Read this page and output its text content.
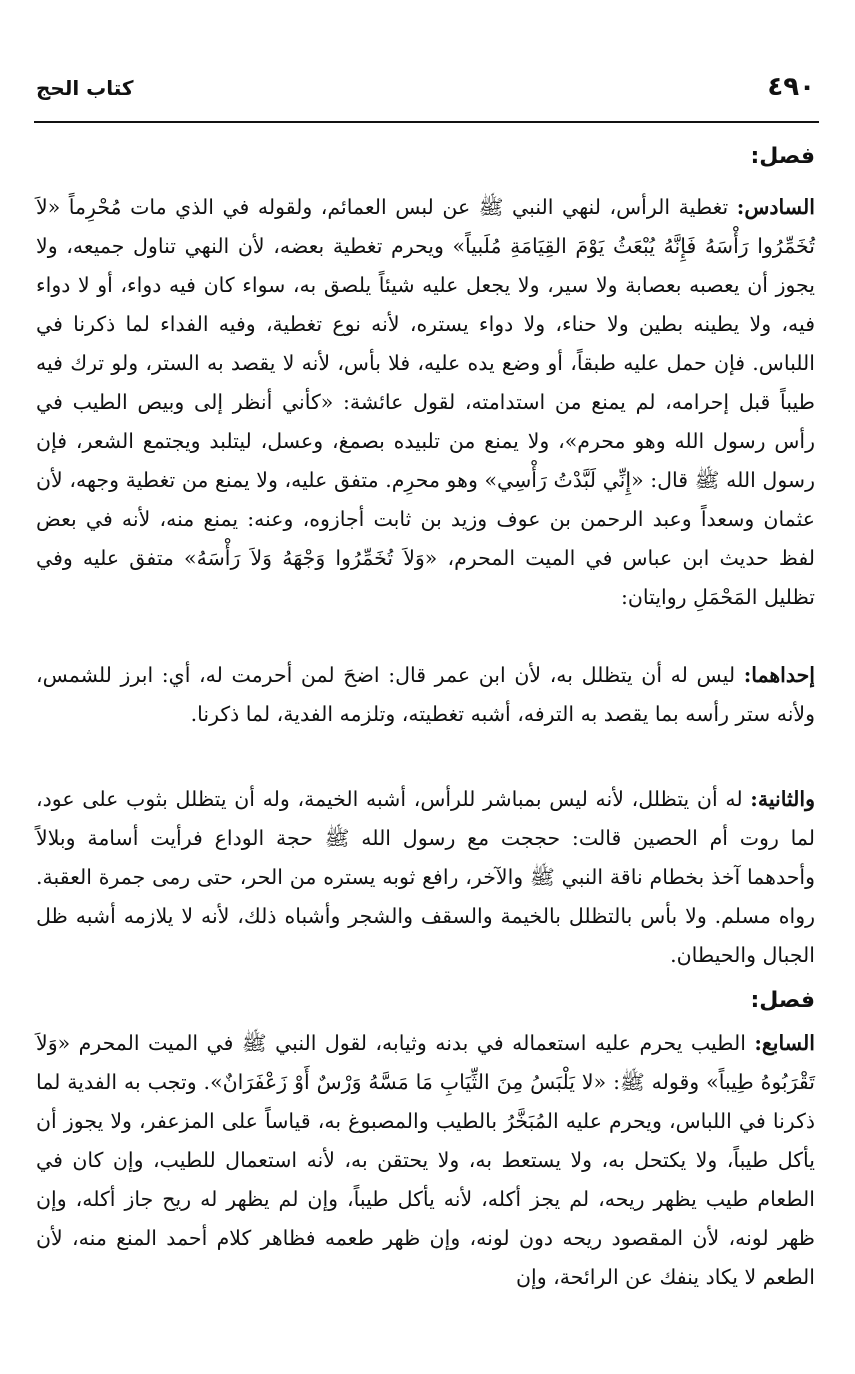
٤٩٠
كتاب الحج
فصل:

السادس: تغطية الرأس، لنهي النبي ﷺ عن لبس العمائم، ولقوله في الذي مات مُحْرِماً «لاَ تُخَمِّرُوا رَأْسَهُ فَإِنَّهُ يُبْعَثُ يَوْمَ القِيَامَةِ مُلَبياً» ويحرم تغطية بعضه، لأن النهي تناول جميعه، ولا يجوز أن يعصبه بعصابة ولا سير، ولا يجعل عليه شيئاً يلصق به، سواء كان فيه دواء، أو لا دواء فيه، ولا يطينه بطين ولا حناء، ولا دواء يستره، لأنه نوع تغطية، وفيه الفداء لما ذكرنا في اللباس. فإن حمل عليه طبقاً، أو وضع يده عليه، فلا بأس، لأنه لا يقصد به الستر، ولو ترك فيه طيباً قبل إحرامه، لم يمنع من استدامته، لقول عائشة: «كأني أنظر إلى وبيص الطيب في رأس رسول الله وهو محرم»، ولا يمنع من تلبيده بصمغ، وعسل، ليتلبد ويجتمع الشعر، فإن رسول الله ﷺ قال: «إِنِّي لَبَّدْتُ رَأْسِي» وهو محرِم. متفق عليه، ولا يمنع من تغطية وجهه، لأن عثمان وسعداً وعبد الرحمن بن عوف وزيد بن ثابت أجازوه، وعنه: يمنع منه، لأنه في بعض لفظ حديث ابن عباس في الميت المحرم، «وَلاَ تُخَمِّرُوا وَجْهَهُ وَلاَ رَأْسَهُ» متفق عليه وفي تظليل المَحْمَلِ روايتان:

إحداهما: ليس له أن يتظلل به، لأن ابن عمر قال: اضحَ لمن أحرمت له، أي: ابرز للشمس، ولأنه ستر رأسه بما يقصد به الترفه، أشبه تغطيته، وتلزمه الفدية، لما ذكرنا.

والثانية: له أن يتظلل، لأنه ليس بمباشر للرأس، أشبه الخيمة، وله أن يتظلل بثوب على عود، لما روت أم الحصين قالت: حججت مع رسول الله ﷺ حجة الوداع فرأيت أسامة وبلالاً وأحدهما آخذ بخطام ناقة النبي ﷺ والآخر، رافع ثوبه يستره من الحر، حتى رمى جمرة العقبة. رواه مسلم. ولا بأس بالتظلل بالخيمة والسقف والشجر وأشباه ذلك، لأنه لا يلازمه أشبه ظل الجبال والحيطان.

فصل:

السابع: الطيب يحرم عليه استعماله في بدنه وثيابه، لقول النبي ﷺ في الميت المحرم «وَلاَ تَقْرَبُوهُ طِيباً» وقوله ﷺ: «لا يَلْبَسُ مِنَ الثِّيَابِ مَا مَسَّهُ وَرْسٌ أَوْ زَعْفَرَانٌ». وتجب به الفدية لما ذكرنا في اللباس، ويحرم عليه المُبَخَّرُ بالطيب والمصبوغ به، قياساً على المزعفر، ولا يجوز أن يأكل طيباً، ولا يكتحل به، ولا يستعط به، ولا يحتقن به، لأنه استعمال للطيب، وإن كان في الطعام طيب يظهر ريحه، لم يجز أكله، لأنه يأكل طيباً، وإن لم يظهر له ريح جاز أكله، وإن ظهر لونه، لأن المقصود ريحه دون لونه، وإن ظهر طعمه فظاهر كلام أحمد المنع منه، لأن الطعم لا يكاد ينفك عن الرائحة، وإن
